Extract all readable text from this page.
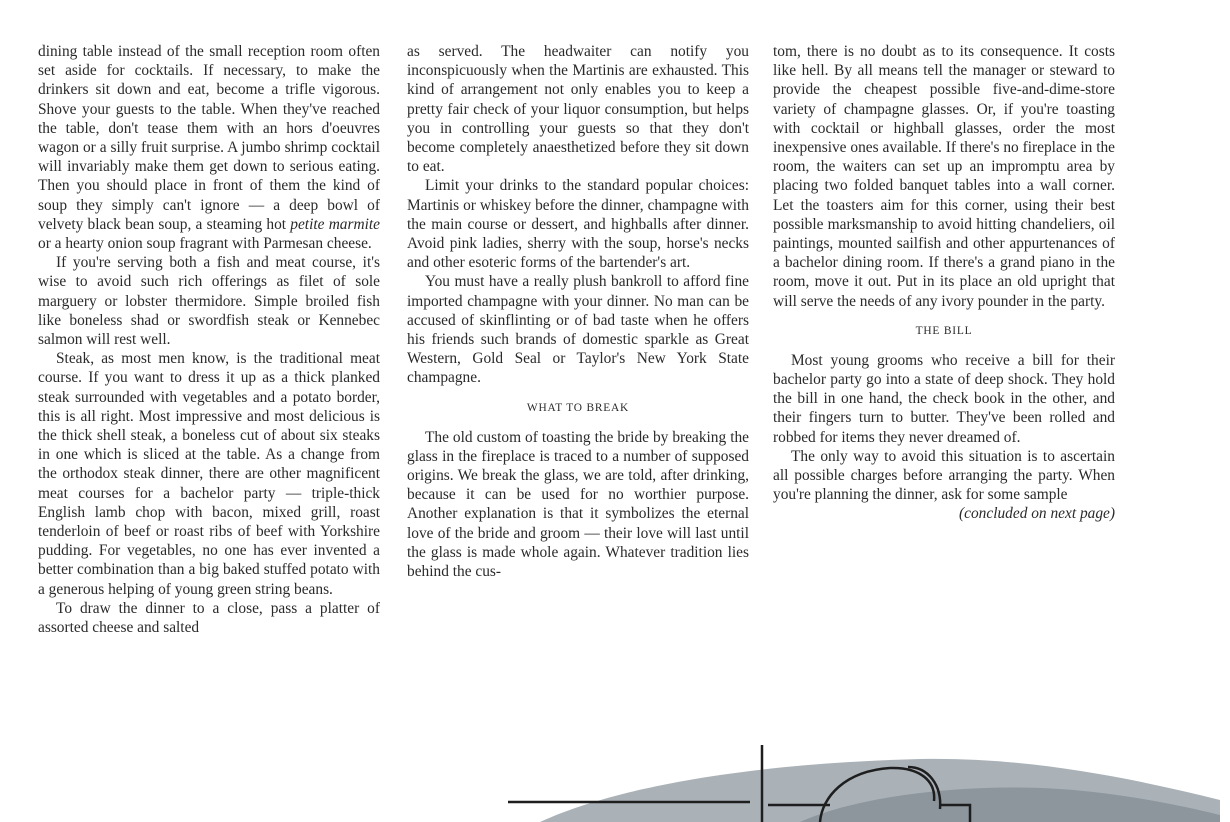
dining table instead of the small reception room often set aside for cocktails. If necessary, to make the drinkers sit down and eat, become a trifle vigorous. Shove your guests to the table. When they've reached the table, don't tease them with an hors d'oeuvres wagon or a silly fruit surprise. A jumbo shrimp cocktail will invariably make them get down to serious eating. Then you should place in front of them the kind of soup they simply can't ignore — a deep bowl of velvety black bean soup, a steaming hot petite marmite or a hearty onion soup fragrant with Parmesan cheese.

If you're serving both a fish and meat course, it's wise to avoid such rich offerings as filet of sole marguery or lobster thermidore. Simple broiled fish like boneless shad or swordfish steak or Kennebec salmon will rest well.

Steak, as most men know, is the traditional meat course. If you want to dress it up as a thick planked steak surrounded with vegetables and a potato border, this is all right. Most impressive and most delicious is the thick shell steak, a boneless cut of about six steaks in one which is sliced at the table. As a change from the orthodox steak dinner, there are other magnificent meat courses for a bachelor party — triple-thick English lamb chop with bacon, mixed grill, roast tenderloin of beef or roast ribs of beef with Yorkshire pudding. For vegetables, no one has ever invented a better combination than a big baked stuffed potato with a generous helping of young green string beans.

To draw the dinner to a close, pass a platter of assorted cheese and salted

as served. The headwaiter can notify you inconspicuously when the Martinis are exhausted. This kind of arrangement not only enables you to keep a pretty fair check of your liquor consumption, but helps you in controlling your guests so that they don't become completely anaesthetized before they sit down to eat.

Limit your drinks to the standard popular choices: Martinis or whiskey before the dinner, champagne with the main course or dessert, and highballs after dinner. Avoid pink ladies, sherry with the soup, horse's necks and other esoteric forms of the bartender's art.

You must have a really plush bankroll to afford fine imported champagne with your dinner. No man can be accused of skinflinting or of bad taste when he offers his friends such brands of domestic sparkle as Great Western, Gold Seal or Taylor's New York State champagne.

WHAT TO BREAK

The old custom of toasting the bride by breaking the glass in the fireplace is traced to a number of supposed origins. We break the glass, we are told, after drinking, because it can be used for no worthier purpose. Another explanation is that it symbolizes the eternal love of the bride and groom — their love will last until the glass is made whole again. Whatever tradition lies behind the cus-

tom, there is no doubt as to its consequence. It costs like hell. By all means tell the manager or steward to provide the cheapest possible five-and-dime-store variety of champagne glasses. Or, if you're toasting with cocktail or highball glasses, order the most inexpensive ones available. If there's no fireplace in the room, the waiters can set up an impromptu area by placing two folded banquet tables into a wall corner. Let the toasters aim for this corner, using their best possible marksmanship to avoid hitting chandeliers, oil paintings, mounted sailfish and other appurtenances of a bachelor dining room. If there's a grand piano in the room, move it out. Put in its place an old upright that will serve the needs of any ivory pounder in the party.

THE BILL

Most young grooms who receive a bill for their bachelor party go into a state of deep shock. They hold the bill in one hand, the check book in the other, and their fingers turn to butter. They've been rolled and robbed for items they never dreamed of.

The only way to avoid this situation is to ascertain all possible charges before arranging the party. When you're planning the dinner, ask for some sample

(concluded on next page)
